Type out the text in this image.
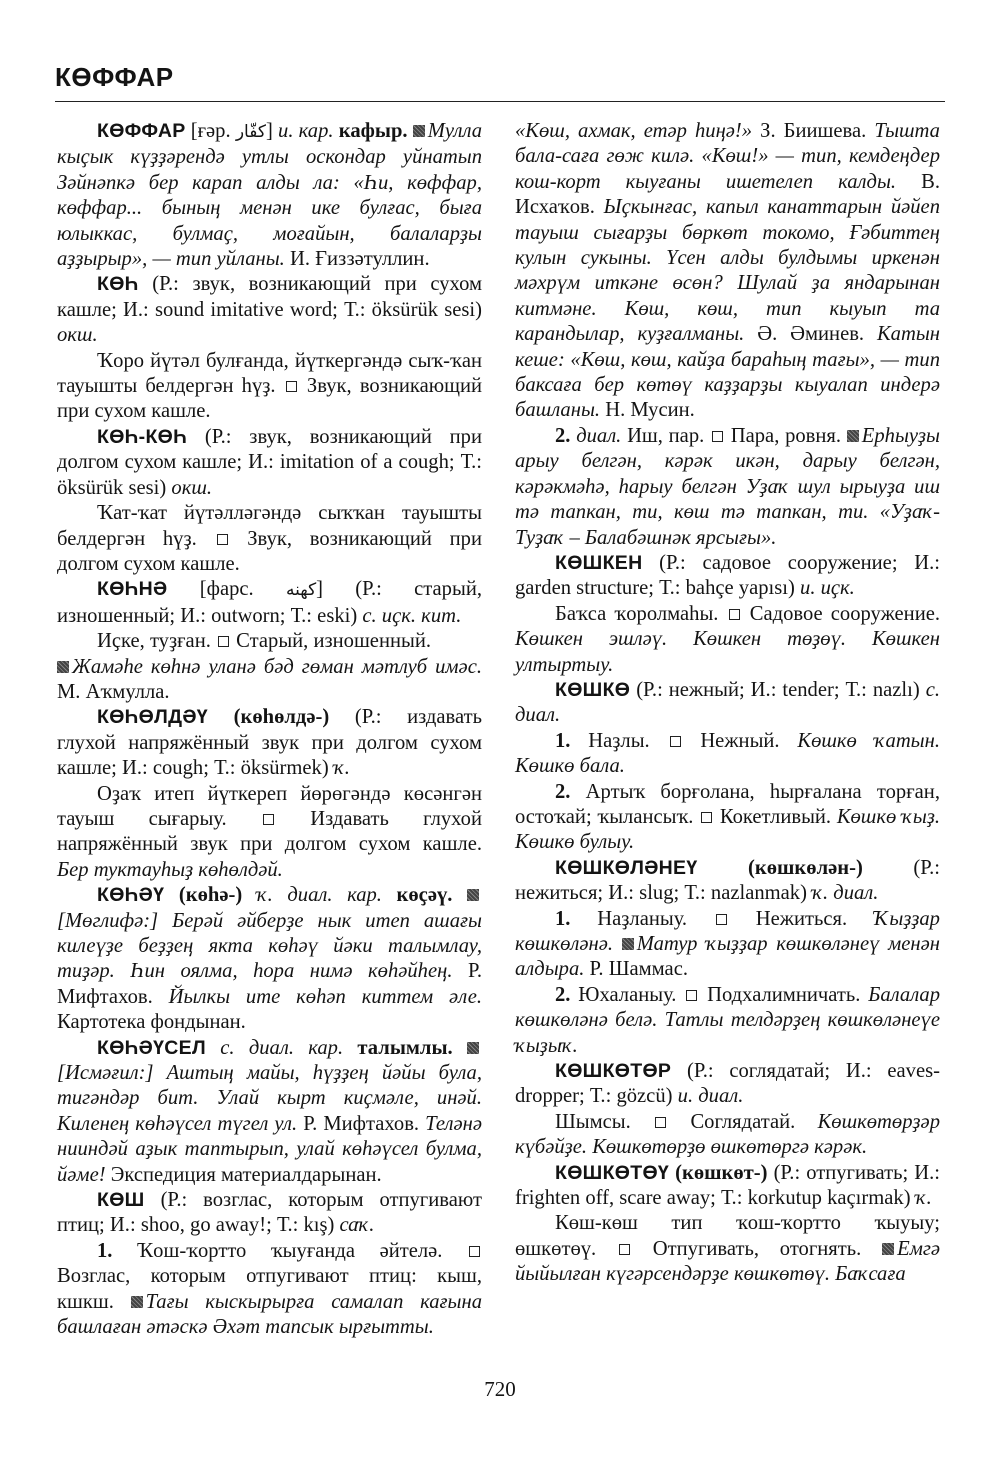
КӨФФАР

КӨФФАР [ғәр. كفّار] и. кар. кафыр. Мулла кыҫык күҙҙәрендә утлы оскондар уйнатып Зәйнәпкә бер карап алды ла: «Һи, көффар, көффар... быныӊ менән ике булғас, быға юлыккас, булмаҫ, моғайын, балаларҙы аҙҙырыр», — тип уйланы. И. Ғиззәтуллин.

КӨҺ (Р.: звук, возникающий при сухом кашле; И.: sound imitative word; Т.: öksürük sesi) окш.

Ҡоро йүтәл булғанда, йүткергәндә сыҡ-ҡан тауышты белдергән һүҙ. Звук, возникающий при сухом кашле.

КӨҺ-КӨҺ (Р.: звук, возникающий при долгом сухом кашле; И.: imitation of a cough; Т.: öksürük sesi) окш.

Ҡат-ҡат йүтәлләгәндә сыҡҡан тауышты белдергән һүҙ. Звук, возникающий при долгом сухом кашле.

КӨҺНӘ [фарс. كهنه] (Р.: старый, изношенный; И.: outworn; Т.: eski) с. иҫк. кит.

Иҫке, туҙған. Старый, изношенный.

Жамәһе көһнә уланә бәд гөман мәтлуб имәс. М. Аҡмулла.

КӨҺӨЛДӘҮ (көһөлдә-) (Р.: издавать глухой напряжённый звук при долгом сухом кашле; И.: cough; Т.: öksürmek) ҡ.

Оҙаҡ итеп йүткереп йөрөгәндә көсәнгән тауыш сығарыу.	Издавать глухой напряжённый звук при долгом сухом кашле. Бер туктауһыҙ көһөлдәй.

КӨҺӘҮ (көһә-) ҡ. диал. кар. көҫәү. [Мөглифә:] Берәй әйберҙе нык итеп ашағы килеүҙе беҙҙең якта көһәү йәки талымлау, тиҙәр. Һин оялма, һора нимә көһәйһең. Р. Мифтахов. Йылкы ите көһәп киттем әле. Картотека фондынан.

КӨҺӘҮСЕЛ с. диал. кар. талымлы. [Исмәғил:] Аштың майы, һүҙҙең йәйы була, тигәндәр бит. Улай кырт киҫмәле, инәй. Киленең көһәүсел түгел ул. Р. Мифтахов. Теләнә нииндәй аҙык таптырып, улай көһәүсел булма, йәме! Экспедиция материалдарынан.

КӨШ (Р.: возглас, которым отпугивают птиц; И.: shoo, go away!; Т.: kış) саҡ.

1. Ҡош-ҡортто ҡыуғанда әйтелә.  Возглас, которым отпугивают птиц: кыш, кшкш. Тағы кыскырырға самалап кағына башлаған әтәскә Әхәт тапсык ырғытты.

«Көш, ахмак, етәр һиңә!» З. Биишева. Тышта бала-саға гөж килә. «Көш!» — тип, кемдеңдер кош-корт кыуғаны ишетелеп калды. В. Исхаҡов. Ыҫкынғас, капыл канаттарын йәйеп тауыш сығарҙы бөркөт токомо, Ғәбиттең кулын сукыны. Үсен алды булдымы иркенән мәхрүм иткәне өсөн? Шулай ҙа яндарынан китмәне. Көш, көш, тип кыуып та карандылар, куҙғалманы. Ә. Әминев. Катын кеше: «Көш, көш, кайҙа бараһың тағы», — тип баксаға бер көтөү каҙҙарҙы кыуалап индерә башланы. Н. Мусин.

2. диал. Иш, пар. Пара, ровня. Ерһыуҙы арыу белгән, кәрәк икән, дарыу белгән, кәрәкмәһә, һарыу белгән Уҙаҡ шул ырыуҙа иш тә тапкан, ти, көш тә тапкан, ти. «Уҙаҡ-Туҙаҡ – Балабәшнәк ярсығы».

КӨШКЕН (Р.: садовое сооружение; И.: garden structure; Т.: bahçe yapısı) и. иҫк.

Баҡса ҡоролмаһы. Садовое сооружение. Көшкен эшләү. Көшкен төҙөү. Көшкен ултыртыу.

КӨШКӨ (Р.: нежный; И.: tender; Т.: nazlı) с. диал.

1. Наҙлы. Нежный. Көшкө ҡатын. Көшкө бала.

2. Артыҡ борғолана, һырғалана торған, остоҡай; ҡылансыҡ. Кокетливый. Көшкө ҡыҙ. Көшкө булыу.

КӨШКӨЛӘНЕҮ (көшкөлән-) (Р.: нежиться; И.: slug; Т.: nazlanmak) ҡ. диал.

1. Наҙланыу.	Нежиться. Ҡыҙҙар көшкөләнә. Матур ҡыҙҙар көшкөләнеү менән алдыра. Р. Шаммас.

2. Юхаланыу. Подхалимничать. Балалар көшкөләнә белә. Татлы телдәрҙең көшкөләнеүе ҡыҙыҡ.

КӨШКӨТӨР (Р.: соглядатай; И.: eaves-dropper; Т.: gözcü) и. диал.

Шымсы.	Соглядатай. Көшкөтөрҙәр күбәйҙе. Көшкөтөрҙө өшкөтөргә кәрәк.

КӨШКӨТӨҮ (көшкөт-) (Р.: отпугивать; И.: frighten off, scare away; Т.: korkutup kaçırmak) ҡ.

Көш-көш тип ҡош-ҡортто ҡыуыу; өшкөтөү.	Отпугивать, отогнять. Емгә йыйылған күгәрсендәрҙе көшкөтөү. Баҡсаға

720
